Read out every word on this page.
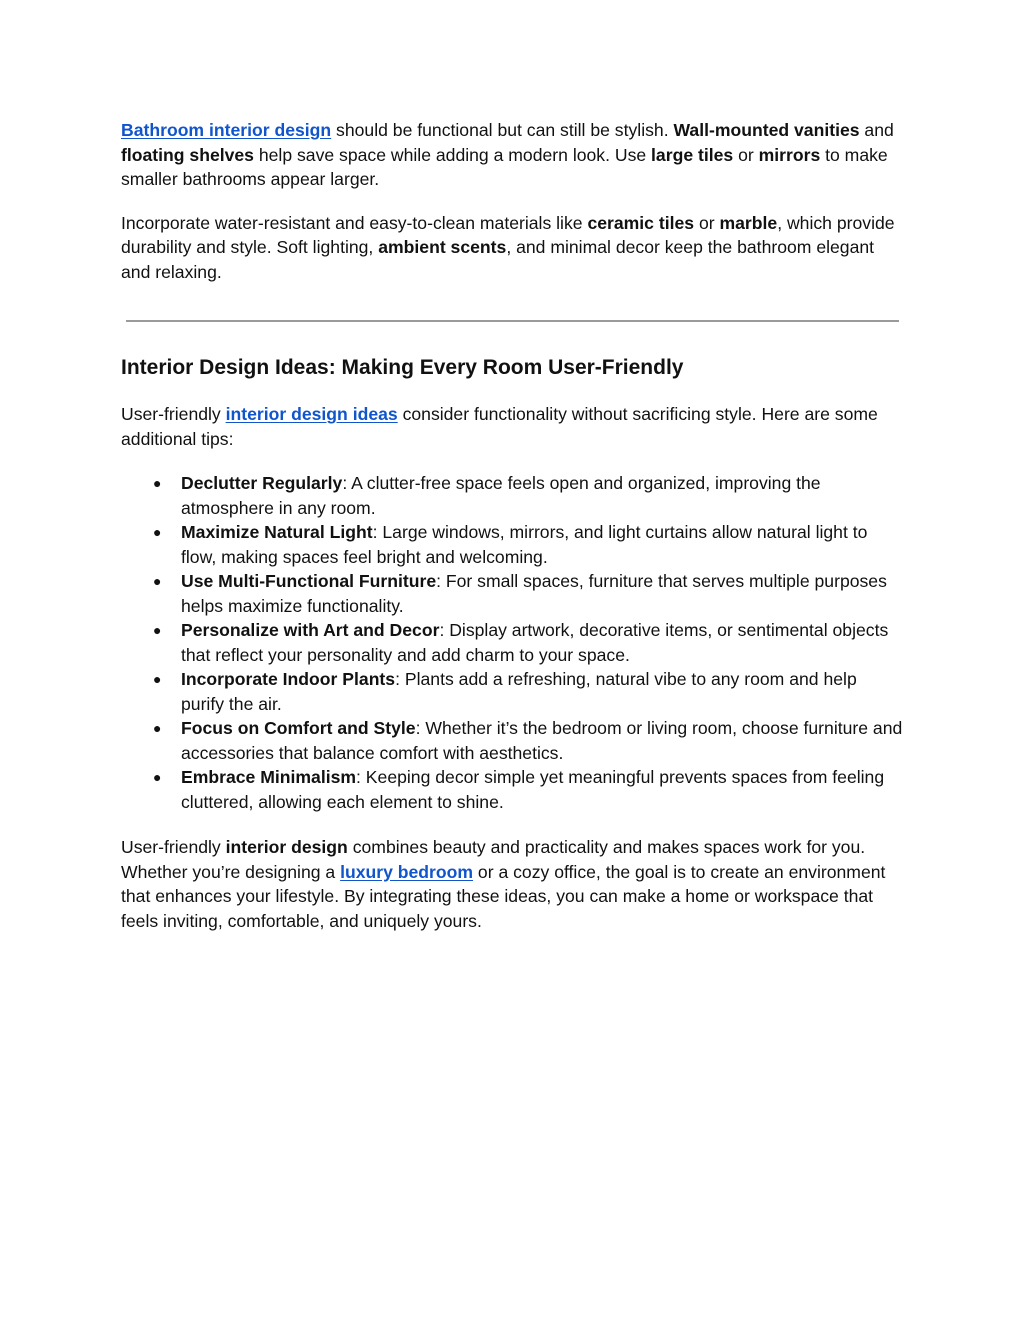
Bathroom interior design should be functional but can still be stylish. Wall-mounted vanities and floating shelves help save space while adding a modern look. Use large tiles or mirrors to make smaller bathrooms appear larger.

Incorporate water-resistant and easy-to-clean materials like ceramic tiles or marble, which provide durability and style. Soft lighting, ambient scents, and minimal decor keep the bathroom elegant and relaxing.

Interior Design Ideas: Making Every Room User-Friendly

User-friendly interior design ideas consider functionality without sacrificing style. Here are some additional tips:

● Declutter Regularly: A clutter-free space feels open and organized, improving the atmosphere in any room.
● Maximize Natural Light: Large windows, mirrors, and light curtains allow natural light to flow, making spaces feel bright and welcoming.
● Use Multi-Functional Furniture: For small spaces, furniture that serves multiple purposes helps maximize functionality.
● Personalize with Art and Decor: Display artwork, decorative items, or sentimental objects that reflect your personality and add charm to your space.
● Incorporate Indoor Plants: Plants add a refreshing, natural vibe to any room and help purify the air.
● Focus on Comfort and Style: Whether it’s the bedroom or living room, choose furniture and accessories that balance comfort with aesthetics.
● Embrace Minimalism: Keeping decor simple yet meaningful prevents spaces from feeling cluttered, allowing each element to shine.

User-friendly interior design combines beauty and practicality and makes spaces work for you. Whether you’re designing a luxury bedroom or a cozy office, the goal is to create an environment that enhances your lifestyle. By integrating these ideas, you can make a home or workspace that feels inviting, comfortable, and uniquely yours.
